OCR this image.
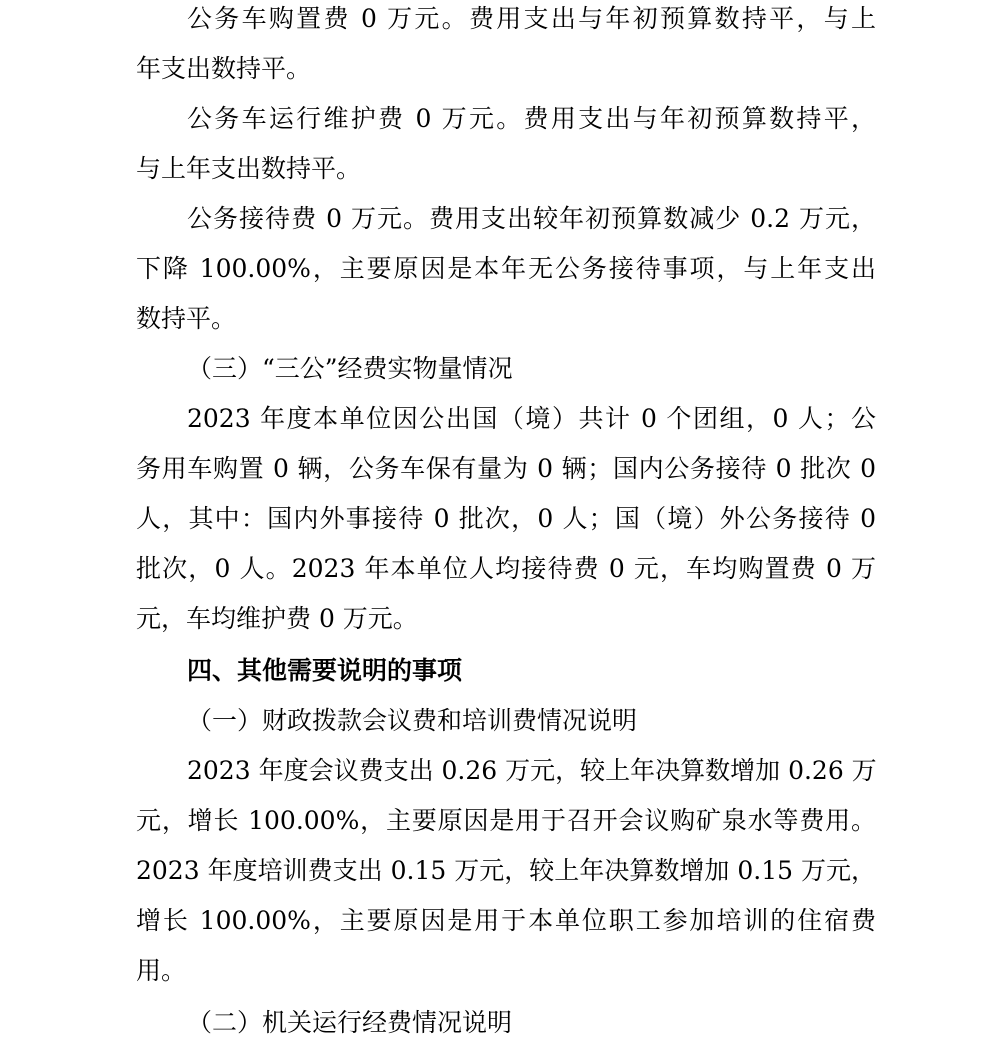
公务车购置费 0 万元。费用支出与年初预算数持平，与上
年支出数持平。
公务车运行维护费 0 万元。费用支出与年初预算数持平，
与上年支出数持平。
公务接待费 0 万元。费用支出较年初预算数减少 0.2 万元，
下降 100.00%，主要原因是本年无公务接待事项，与上年支出
数持平。
（三）“三公”经费实物量情况
2023 年度本单位因公出国（境）共计 0 个团组，0 人；公
务用车购置 0 辆，公务车保有量为 0 辆；国内公务接待 0 批次 0
人，其中：国内外事接待 0 批次，0 人；国（境）外公务接待 0
批次，0 人。2023 年本单位人均接待费 0 元，车均购置费 0 万
元，车均维护费 0 万元。
四、其他需要说明的事项
（一）财政拨款会议费和培训费情况说明
2023 年度会议费支出 0.26 万元，较上年决算数增加 0.26 万
元，增长 100.00%，主要原因是用于召开会议购矿泉水等费用。
2023 年度培训费支出 0.15 万元，较上年决算数增加 0.15 万元，
增长 100.00%，主要原因是用于本单位职工参加培训的住宿费
用。
（二）机关运行经费情况说明
